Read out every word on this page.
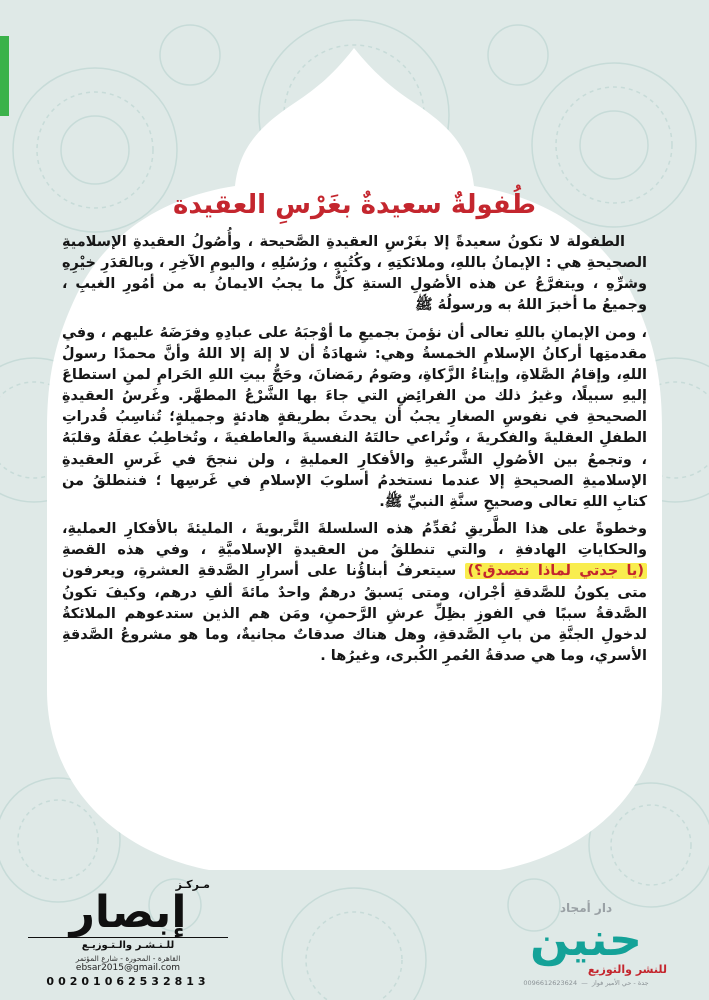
طُفولةٌ سعيدةٌ بغَرْسِ العقيدة

الطفولة لا تكونُ سعيدةً إلا بغَرْسِ العقيدةِ الصَّحيحة ، وأُصُولُ العقيدةِ الإسلاميةِ الصحيحةِ هي : الإيمانُ باللهِ، وملائكتِهِ ، وكُتُبِهِ ، ورُسُلِهِ ، واليومِ الآخِرِ ، وبالقدَرِ خيْرِهِ وشرِّهِ ، ويتفرَّعُ عن هذه الأصُولِ الستةِ كلُّ ما يجبُ الايمانُ به من أمُورِ الغيبِ ، وجميعُ ما أخبرَ اللهُ به ورسولُهُ ﷺ

، ومن الإيمانِ باللهِ تعالى أن نؤمنَ بجميعِ ما أوْجبَهُ على عبادِهِ وفرَضَهُ عليهم ، وفي مقدمتِها أركانُ الإسلامِ الخمسةُ وهي: شهادَةُ أن لا إلهَ إلا اللهُ وأنَّ محمدًا رسولُ اللهِ، وإقامُ الصَّلاةِ، وإيتاءُ الزَّكاةِ، وصَومُ رمَضانَ، وحَجُّ بيتِ اللهِ الحَرامِ لمنِ استطاعَ إليهِ سبيلًا، وغيرُ ذلك من الفرائِضِ التي جاءَ بها الشَّرْعُ المطهَّر. وغَرسُ العقيدةِ الصحيحةِ في نفوسِ الصغارِ يجبُ أن يحدثَ بطريقةٍ هادئةٍ وجميلةٍ؛ تُناسِبُ قُدراتِ الطفلِ العقليةَ والفكريةَ ، وتُراعي حالتَهُ النفسيةَ والعاطفيةَ ، وتُخاطِبُ عقلَهُ وقلبَهُ ، وتجمعُ بين الأصُولِ الشَّرعيةِ والأفكارِ العمليةِ ، ولن ننجحَ في غَرسِ العقيدةِ الإسلاميةِ الصحيحةِ إلا عندما نستخدمُ أسلوبَ الإسلامِ في غَرسِها ؛ فننطلقُ من كتابِ اللهِ تعالى وصحيحِ سنَّةِ النبيِّ ﷺ.

وخطوةً على هذا الطَّريقِ نُقدِّمُ هذه السلسلةَ التَّربويةَ ، المليئةَ بالأفكارِ العمليةِ، والحكاياتِ الهادفةِ ، والتي تنطلقُ من العقيدةِ الإسلاميَّةِ ، وفي هذه القصةِ (يا جدتي لماذا نتصدق؟) سيتعرفُ أبناؤُنا على أسرارِ الصَّدقةِ العشرةِ، ويعرفون متى يكونُ للصَّدقةِ أجْران، ومتى يَسبقُ درهمٌ واحدٌ مائةَ ألفِ درهم، وكيفَ تكونُ الصَّدقةُ سببًا في الفوزِ بظِلِّ عرشِ الرَّحمنِ، ومَن هم الذين ستدعوهم الملائكةُ لدخولِ الجنَّةِ من بابِ الصَّدقةِ، وهل هناك صدقاتٌ مجانيةٌ، وما هو مشروعُ الصَّدقةِ الأسري، وما هي صدقةُ العُمرِ الكُبرى، وغيرُها .

مـركـز
إبصار
للـنـشـر والـتـوزيـع
القاهرة - المحورة - شارع المؤتمر
ebsar2015@gmail.com
00201062532813
دار أمجاد
حنين
للنشر والتوزيع
جدة - حي الأمير فواز  —  0096612623624
